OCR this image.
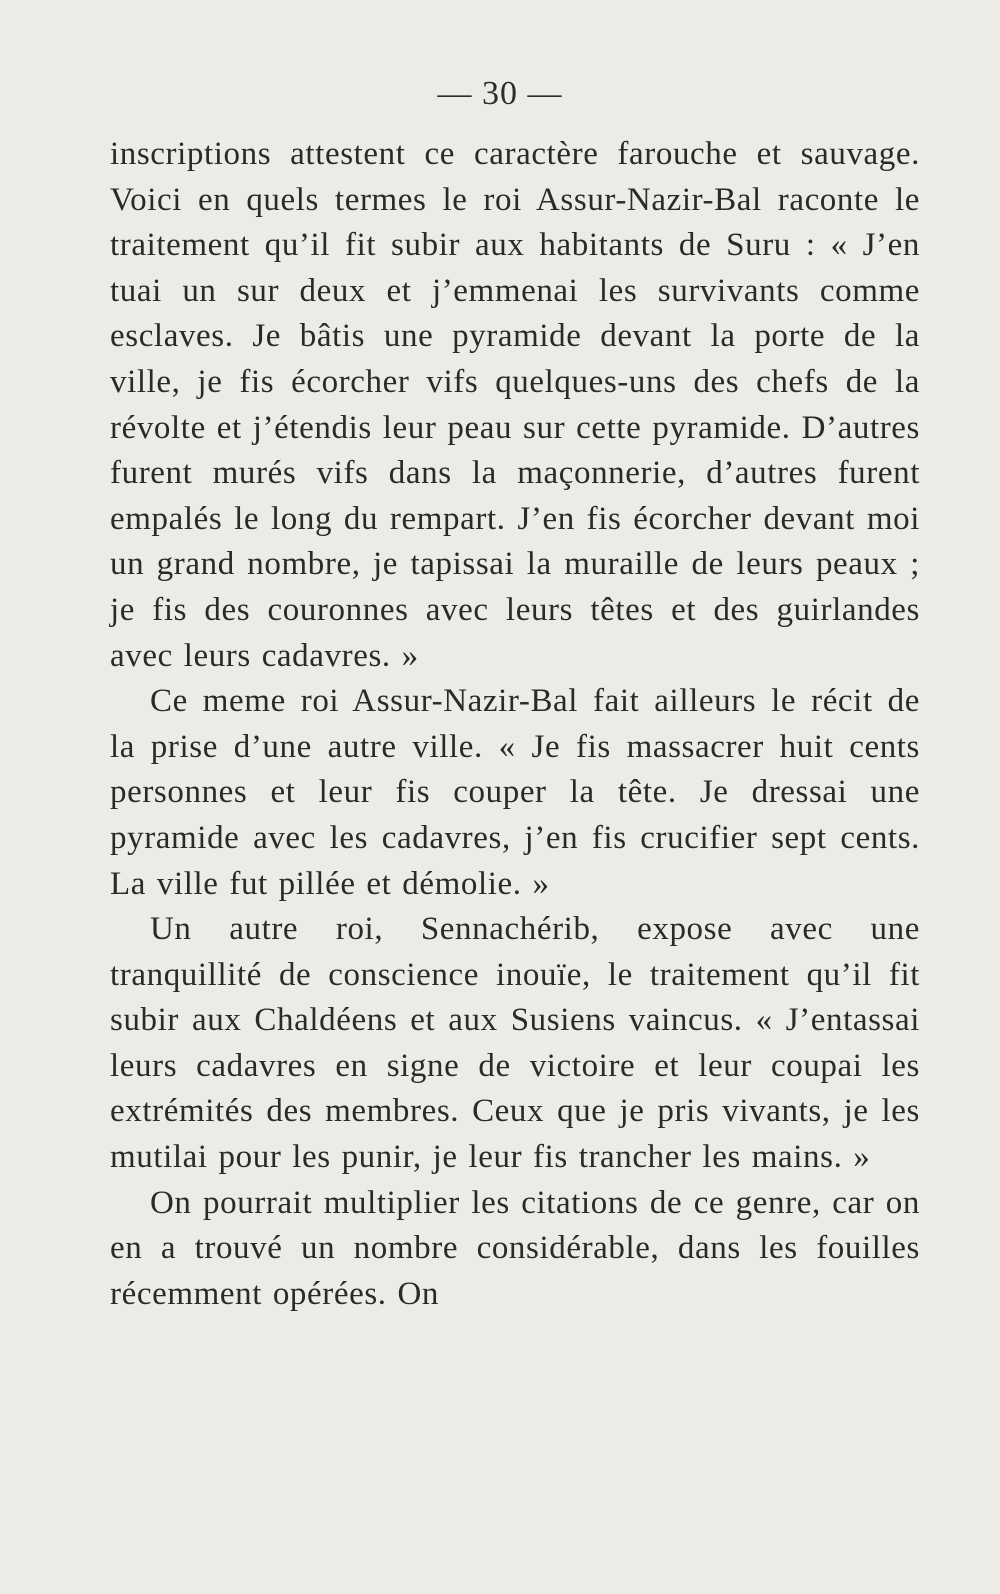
— 30 —

inscriptions attestent ce caractère farouche et sauvage. Voici en quels termes le roi Assur-Nazir-Bal raconte le traitement qu’il fit subir aux habitants de Suru : « J’en tuai un sur deux et j’emmenai les survivants comme esclaves. Je bâtis une pyramide devant la porte de la ville, je fis écorcher vifs quelques-uns des chefs de la révolte et j’étendis leur peau sur cette pyramide. D’autres furent murés vifs dans la maçonnerie, d’autres furent empalés le long du rempart. J’en fis écorcher devant moi un grand nombre, je tapissai la muraille de leurs peaux ; je fis des couronnes avec leurs têtes et des guirlandes avec leurs cadavres. »

Ce meme roi Assur-Nazir-Bal fait ailleurs le récit de la prise d’une autre ville. « Je fis massacrer huit cents personnes et leur fis couper la tête. Je dressai une pyramide avec les cadavres, j’en fis crucifier sept cents. La ville fut pillée et démolie. »

Un autre roi, Sennachérib, expose avec une tranquillité de conscience inouïe, le traitement qu’il fit subir aux Chaldéens et aux Susiens vaincus. « J’entassai leurs cadavres en signe de victoire et leur coupai les extrémités des membres. Ceux que je pris vivants, je les mutilai pour les punir, je leur fis trancher les mains. »

On pourrait multiplier les citations de ce genre, car on en a trouvé un nombre considérable, dans les fouilles récemment opérées. On
